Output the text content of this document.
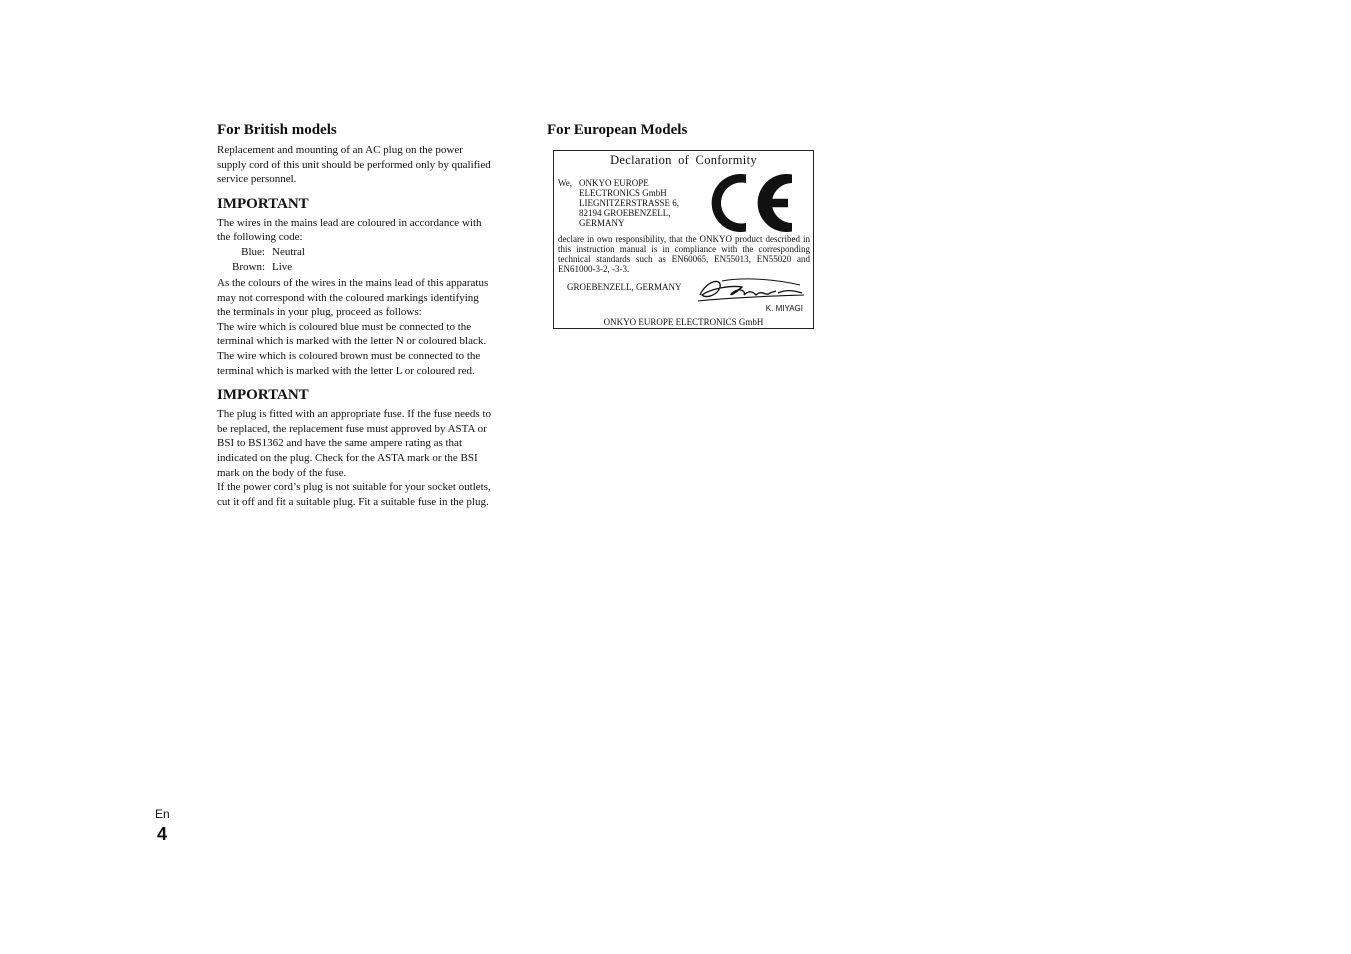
For British models

Replacement and mounting of an AC plug on the power supply cord of this unit should be performed only by qualified service personnel.

IMPORTANT

The wires in the mains lead are coloured in accordance with the following code:

Blue: Neutral
Brown: Live

As the colours of the wires in the mains lead of this apparatus may not correspond with the coloured markings identifying the terminals in your plug, proceed as follows:

The wire which is coloured blue must be connected to the terminal which is marked with the letter N or coloured black.

The wire which is coloured brown must be connected to the terminal which is marked with the letter L or coloured red.

IMPORTANT

The plug is fitted with an appropriate fuse. If the fuse needs to be replaced, the replacement fuse must approved by ASTA or BSI to BS1362 and have the same ampere rating as that indicated on the plug. Check for the ASTA mark or the BSI mark on the body of the fuse.

If the power cord’s plug is not suitable for your socket outlets, cut it off and fit a suitable plug. Fit a suitable fuse in the plug.

For European Models
Declaration of Conformity
We, ONKYO EUROPE
ELECTRONICS GmbH
LIEGNITZERSTRASSE 6,
82194 GROEBENZELL,
GERMANY
declare in own responsibility, that the ONKYO product described in this instruction manual is in compliance with the corresponding technical standards such as EN60065, EN55013, EN55020 and EN61000-3-2, -3-3.
GROEBENZELL, GERMANY
K. MIYAGI
ONKYO EUROPE ELECTRONICS GmbH
En
4
